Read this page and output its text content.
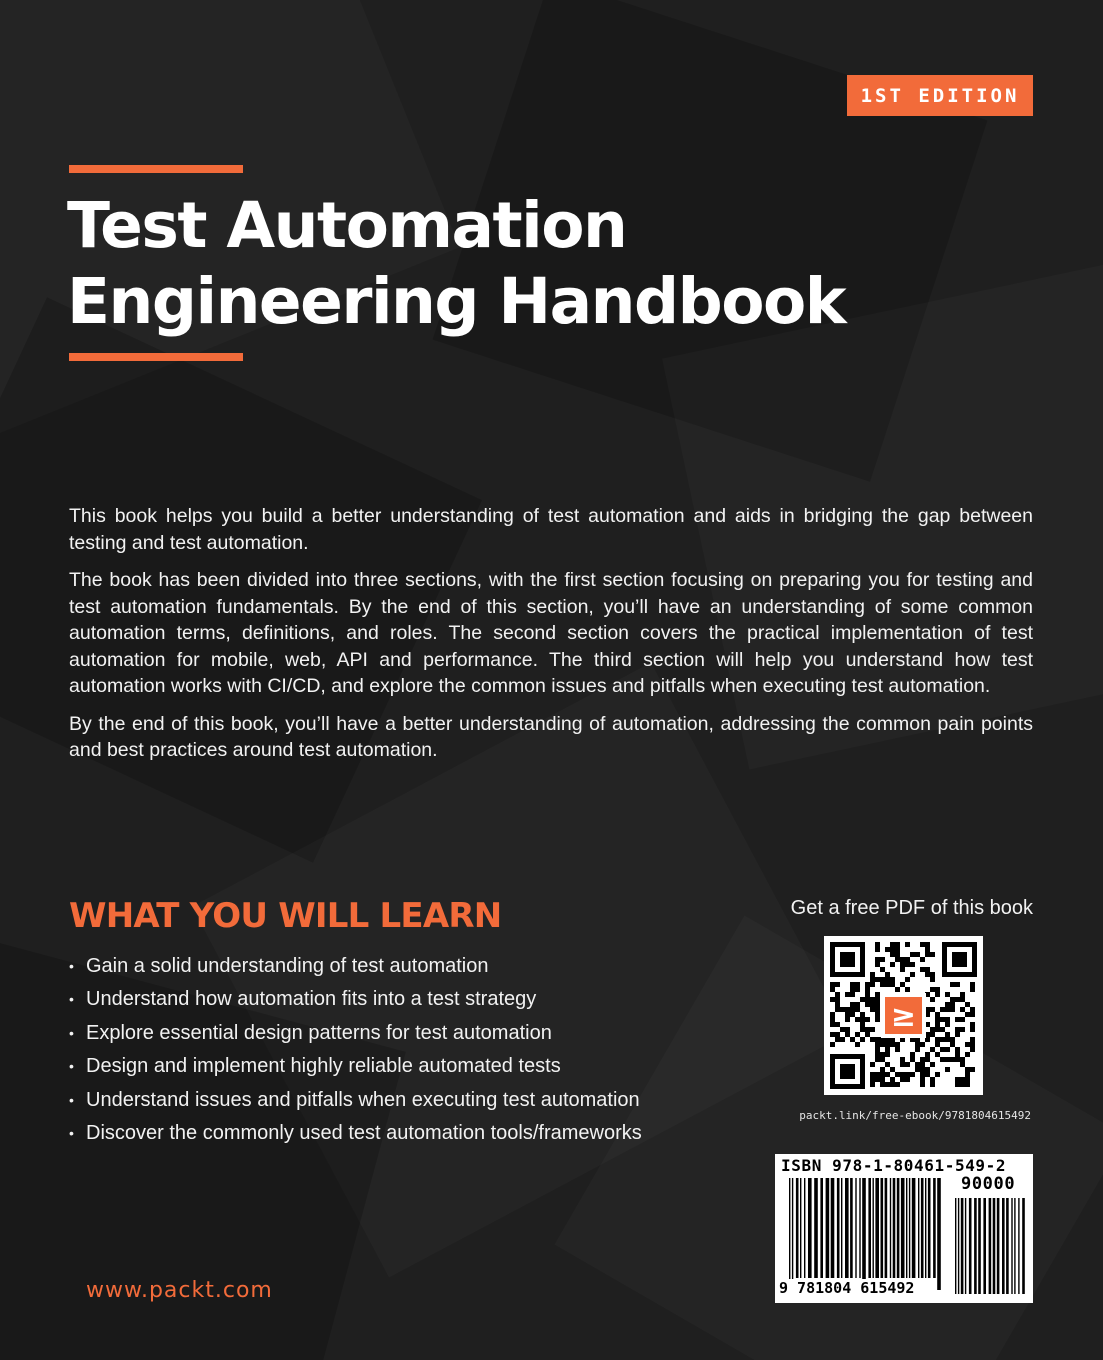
1ST EDITION
Test Automation
Engineering Handbook

This book helps you build a better understanding of test automation and aids in bridging the gap between testing and test automation.

The book has been divided into three sections, with the first section focusing on preparing you for testing and test automation fundamentals. By the end of this section, you’ll have an understanding of some common automation terms, definitions, and roles. The second section covers the practical implementation of test automation for mobile, web, API and performance. The third section will help you understand how test automation works with CI/CD, and explore the common issues and pitfalls when executing test automation.

By the end of this book, you’ll have a better understanding of automation, addressing the common pain points and best practices around test automation.

WHAT YOU WILL LEARN
• Gain a solid understanding of test automation
• Understand how automation fits into a test strategy
• Explore essential design patterns for test automation
• Design and implement highly reliable automated tests
• Understand issues and pitfalls when executing test automation
• Discover the commonly used test automation tools/frameworks
www.packt.com
Get a free PDF of this book
≥
packt.link/free-ebook/9781804615492
ISBN 978-1-80461-549-2
90000
9 781804 615492
